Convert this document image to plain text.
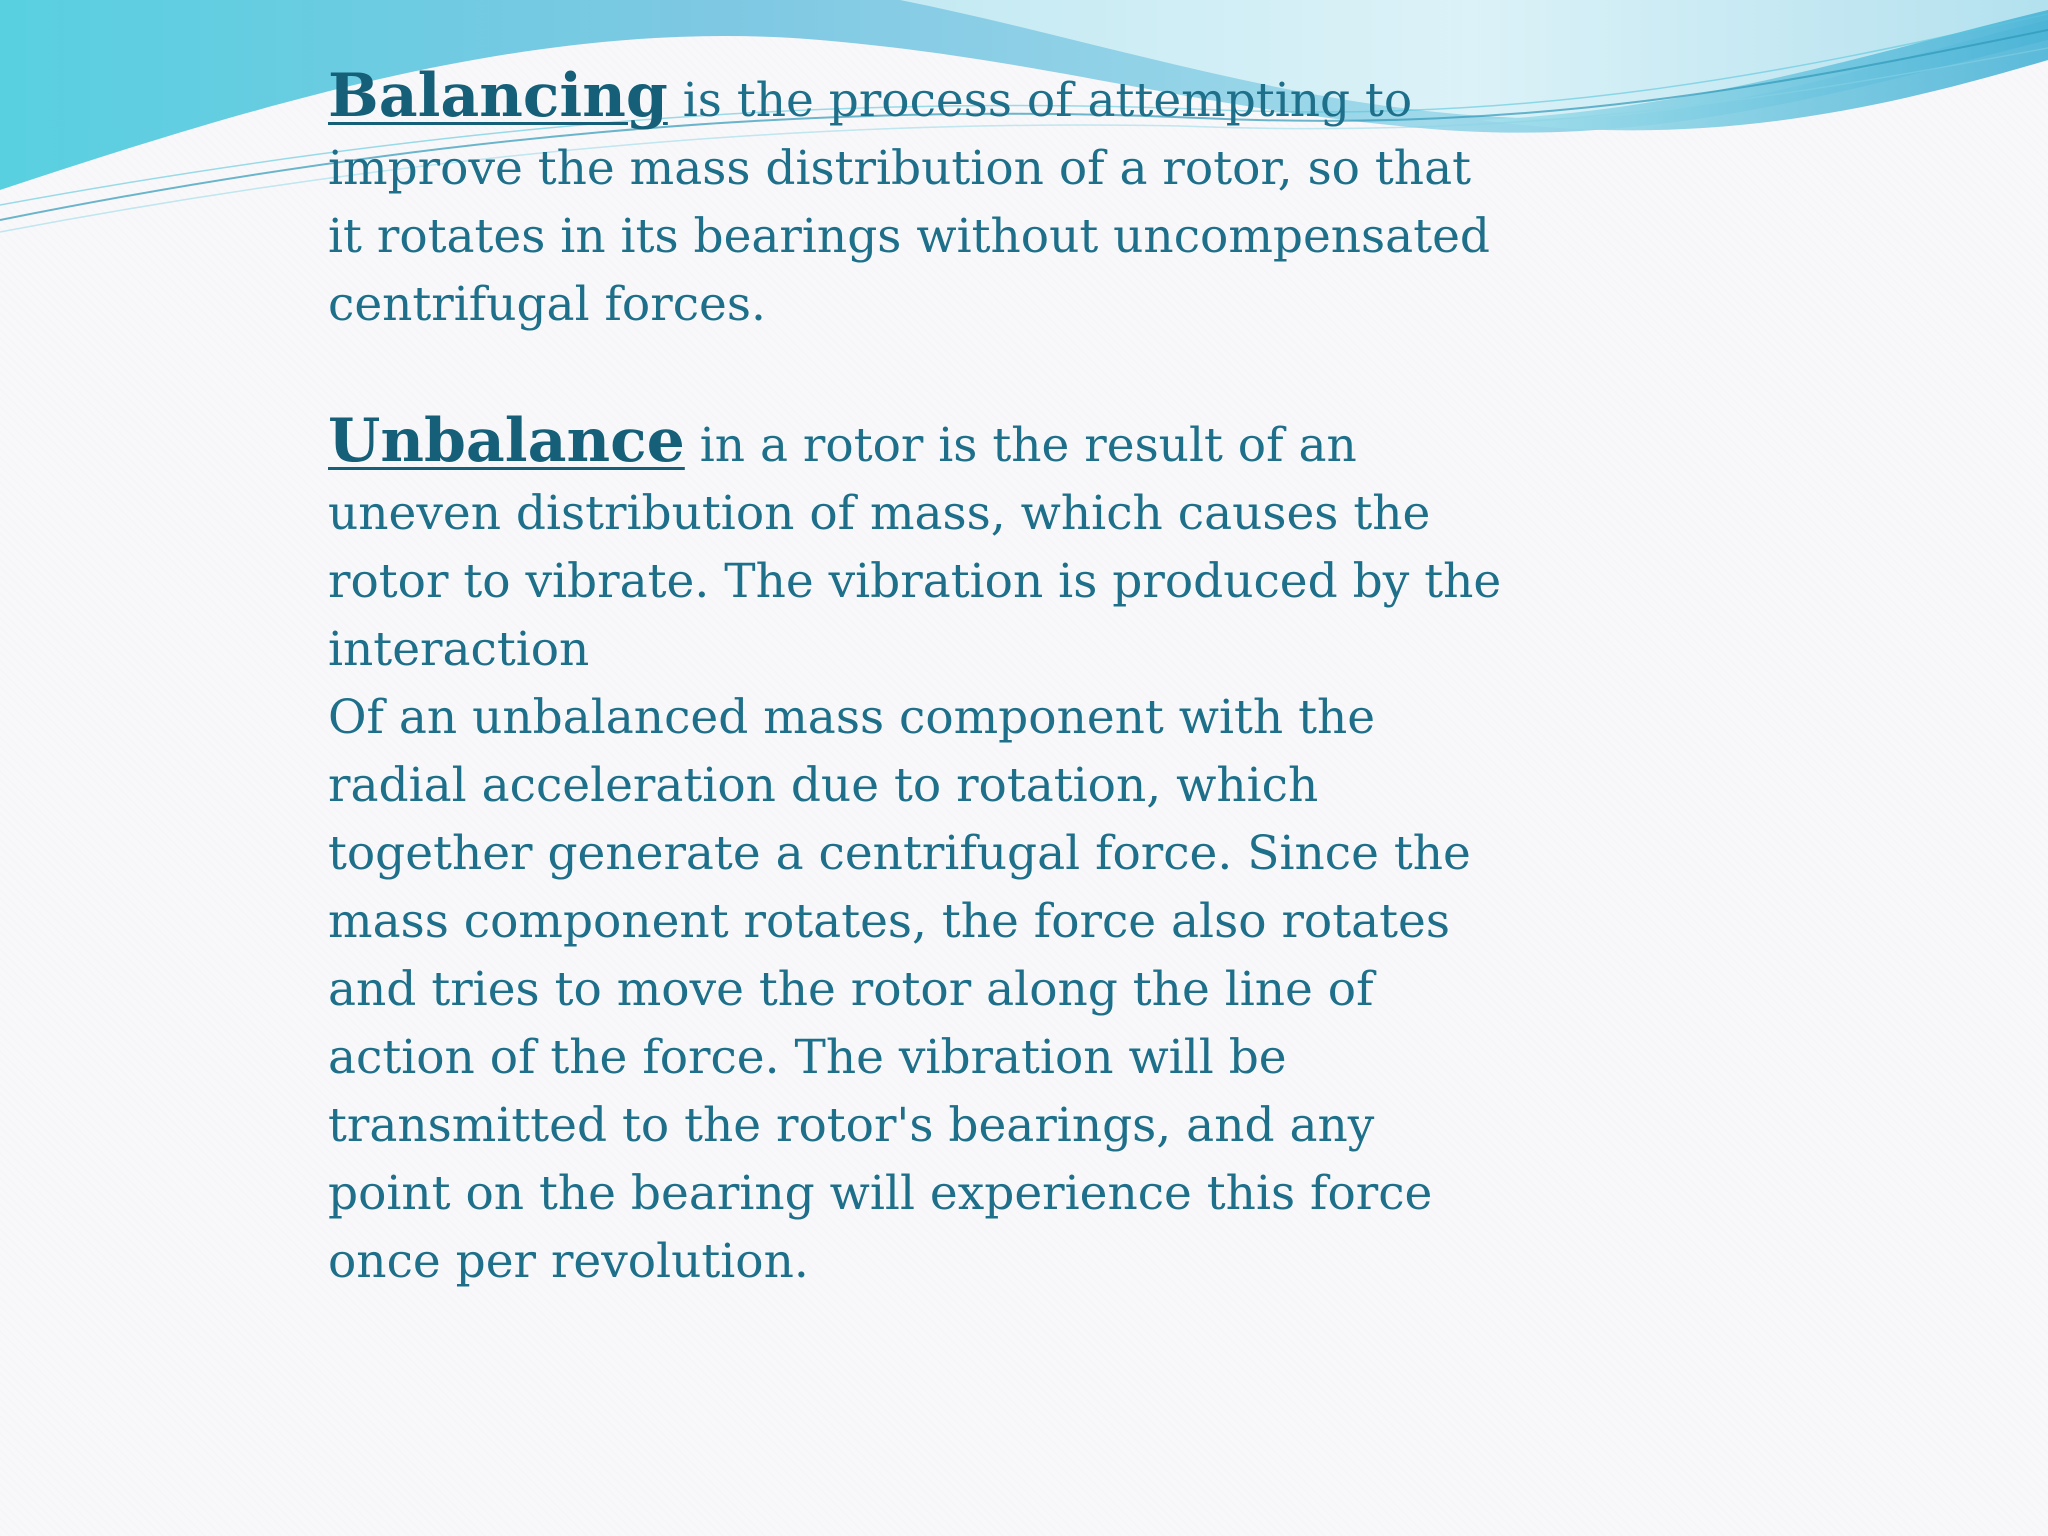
Balancing is the process of attempting to
improve the mass distribution of a rotor, so that
it rotates in its bearings without uncompensated
centrifugal forces.

Unbalance in a rotor is the result of an
uneven distribution of mass, which causes the
rotor to vibrate. The vibration is produced by the
interaction
Of an unbalanced mass component with the
radial acceleration due to rotation, which
together generate a centrifugal force. Since the
mass component rotates, the force also rotates
and tries to move the rotor along the line of
action of the force. The vibration will be
transmitted to the rotor's bearings, and any
point on the bearing will experience this force
once per revolution.
